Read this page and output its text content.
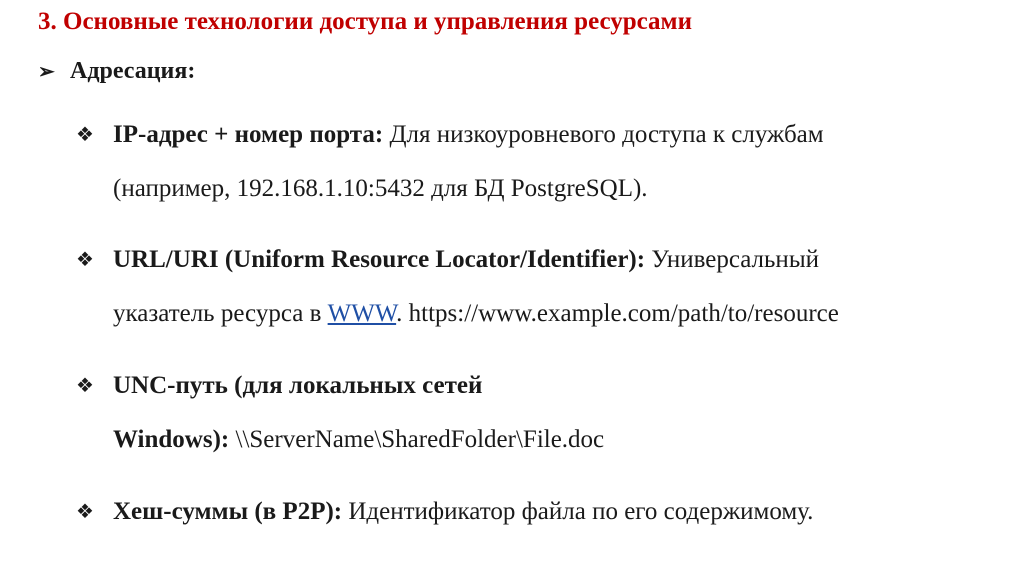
3. Основные технологии доступа и управления ресурсами
➢ Адресация:
❖ IP-адрес + номер порта: Для низкоуровневого доступа к службам
(например, 192.168.1.10:5432 для БД PostgreSQL).
❖ URL/URI (Uniform Resource Locator/Identifier): Универсальный
указатель ресурса в WWW. https://www.example.com/path/to/resource
❖ UNC-путь (для локальных сетей
Windows): \\ServerName\SharedFolder\File.doc
❖ Хеш-суммы (в P2P): Идентификатор файла по его содержимому.
